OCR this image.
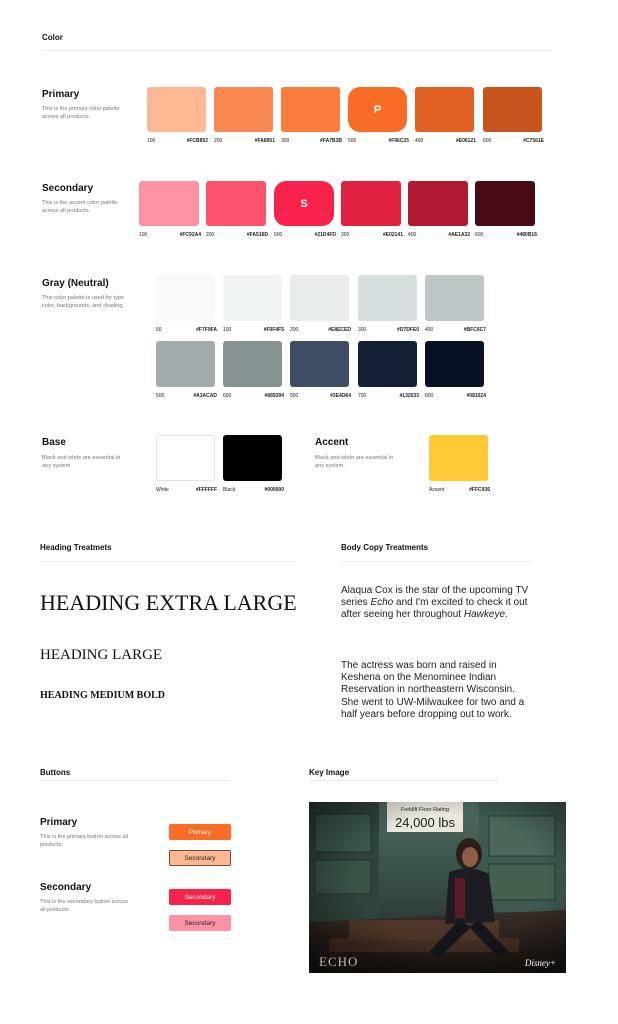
Color
Primary
This is the primary color palette across all products.
100	#FCB892 200	#FA8951 300	#FA7B3B
P
500	#F96C25 400	#E06121 600	#C7561E
Secondary
This is the accent color palette across all products.
100	#FC92A4 200	#FA516D
S
500	#21D4FD 300	#E02141 400	#AE1A32 600	#480B16
Gray (Neutral)
This color palette is used for type color, backgrounds, and shading.
50	#F7F9FA 100	#F0F4F5 200	#E8ECED 300	#D7DFE0 400	#BFC6C7
500	#A3ACAD 600	#889394 900	#3E4D64 700	#132033 800	#081024
Base
Black and white are essential in any system.
White	#FFFFFF Black	#000000
Accent
Black and white are essential in any system.
Accent	#FFC936
Heading Treatmets
HEADING EXTRA LARGE
HEADING LARGE
HEADING MEDIUM BOLD
Body Copy Treatments
Alaqua Cox is the star of the upcoming TV series Echo and I'm excited to check it out after seeing her throughout Hawkeye.
The actress was born and raised in Keshena on the Menominee Indian Reservation in northeastern Wisconsin. She went to UW-Milwaukee for two and a half years before dropping out to work.
Buttons
Primary
This is the primary button across all products.
Primary
Secondary
Secondary
This is the secondary button across all products.
Secondary
Secondary
Key Image
ECHO	Disney+
